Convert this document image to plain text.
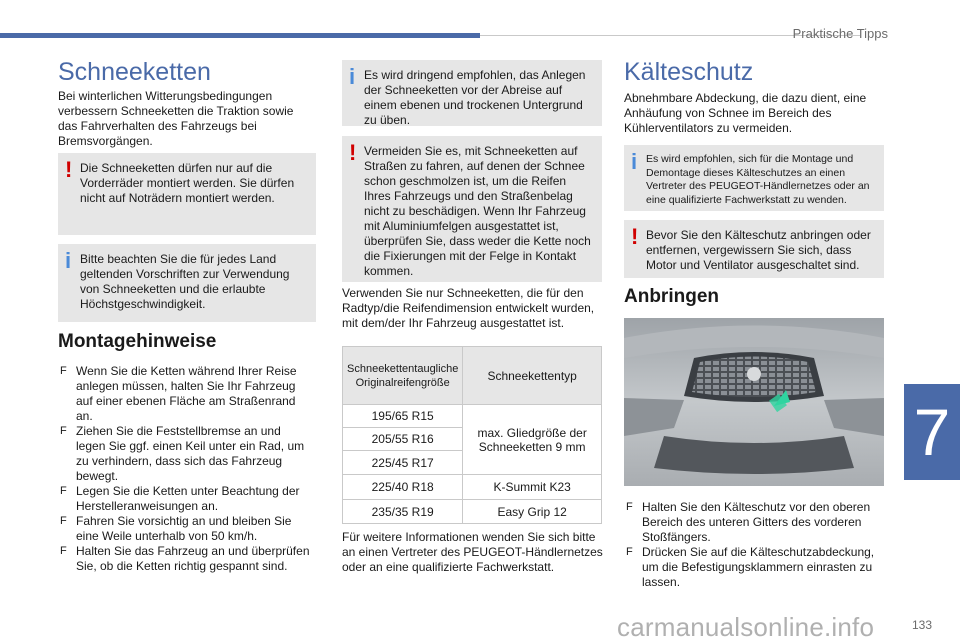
Praktische Tipps
7
Schneeketten
Bei winterlichen Witterungsbedingungen verbessern Schneeketten die Traktion sowie das Fahrverhalten des Fahrzeugs bei Bremsvorgängen.
! Die Schneeketten dürfen nur auf die Vorderräder montiert werden. Sie dürfen nicht auf Noträdern montiert werden.
i Bitte beachten Sie die für jedes Land geltenden Vorschriften zur Verwendung von Schneeketten und die erlaubte Höchstgeschwindigkeit.
Montagehinweise
F Wenn Sie die Ketten während Ihrer Reise anlegen müssen, halten Sie Ihr Fahrzeug auf einer ebenen Fläche am Straßenrand an.
F Ziehen Sie die Feststellbremse an und legen Sie ggf. einen Keil unter ein Rad, um zu verhindern, dass sich das Fahrzeug bewegt.
F Legen Sie die Ketten unter Beachtung der Herstelleranweisungen an.
F Fahren Sie vorsichtig an und bleiben Sie eine Weile unterhalb von 50 km/h.
F Halten Sie das Fahrzeug an und überprüfen Sie, ob die Ketten richtig gespannt sind.
i Es wird dringend empfohlen, das Anlegen der Schneeketten vor der Abreise auf einem ebenen und trockenen Untergrund zu üben.
! Vermeiden Sie es, mit Schneeketten auf Straßen zu fahren, auf denen der Schnee schon geschmolzen ist, um die Reifen Ihres Fahrzeugs und den Straßenbelag nicht zu beschädigen. Wenn Ihr Fahrzeug mit Aluminiumfelgen ausgestattet ist, überprüfen Sie, dass weder die Kette noch die Fixierungen mit der Felge in Kontakt kommen.
Verwenden Sie nur Schneeketten, die für den Radtyp/die Reifendimension entwickelt wurden, mit dem/der Ihr Fahrzeug ausgestattet ist.
Schneekettentaugliche Originalreifengröße	Schneekettentyp
195/65 R15	max. Gliedgröße der Schneeketten 9 mm
205/55 R16	
225/45 R17	
225/40 R18	K-Summit K23
235/35 R19	Easy Grip 12
Für weitere Informationen wenden Sie sich bitte an einen Vertreter des PEUGEOT-Händlernetzes oder an eine qualifizierte Fachwerkstatt.
Kälteschutz
Abnehmbare Abdeckung, die dazu dient, eine Anhäufung von Schnee im Bereich des Kühlerventilators zu vermeiden.
i Es wird empfohlen, sich für die Montage und Demontage dieses Kälteschutzes an einen Vertreter des PEUGEOT-Händlernetzes oder an eine qualifizierte Fachwerkstatt zu wenden.
! Bevor Sie den Kälteschutz anbringen oder entfernen, vergewissern Sie sich, dass Motor und Ventilator ausgeschaltet sind.
Anbringen
F Halten Sie den Kälteschutz vor den oberen Bereich des unteren Gitters des vorderen Stoßfängers.
F Drücken Sie auf die Kälteschutzabdeckung, um die Befestigungsklammern einrasten zu lassen.
carmanualsonline.info	133
